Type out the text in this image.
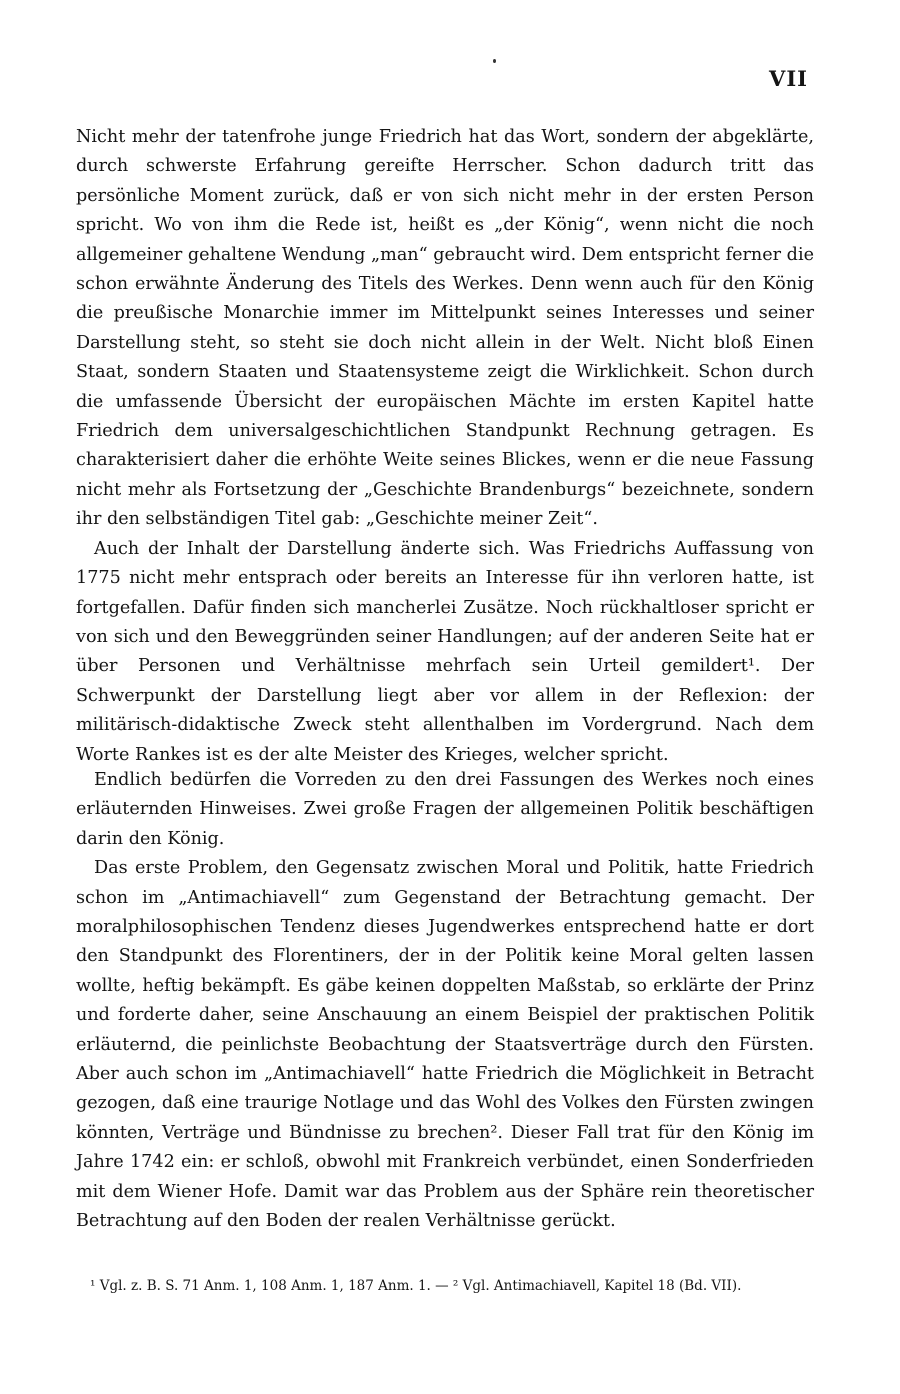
VII

Nicht mehr der tatenfrohe junge Friedrich hat das Wort, sondern der abgeklärte, durch schwerste Erfahrung gereifte Herrscher. Schon dadurch tritt das persönliche Moment zurück, daß er von sich nicht mehr in der ersten Person spricht. Wo von ihm die Rede ist, heißt es „der König“, wenn nicht die noch allgemeiner gehaltene Wendung „man“ gebraucht wird. Dem entspricht ferner die schon erwähnte Änderung des Titels des Werkes. Denn wenn auch für den König die preußische Monarchie immer im Mittelpunkt seines Interesses und seiner Darstellung steht, so steht sie doch nicht allein in der Welt. Nicht bloß Einen Staat, sondern Staaten und Staatensysteme zeigt die Wirklichkeit. Schon durch die umfassende Übersicht der europäischen Mächte im ersten Kapitel hatte Friedrich dem universalgeschichtlichen Standpunkt Rechnung getragen. Es charakterisiert daher die erhöhte Weite seines Blickes, wenn er die neue Fassung nicht mehr als Fortsetzung der „Geschichte Brandenburgs“ bezeichnete, sondern ihr den selbständigen Titel gab: „Geschichte meiner Zeit“.

Auch der Inhalt der Darstellung änderte sich. Was Friedrichs Auffassung von 1775 nicht mehr entsprach oder bereits an Interesse für ihn verloren hatte, ist fortgefallen. Dafür finden sich mancherlei Zusätze. Noch rückhaltloser spricht er von sich und den Beweggründen seiner Handlungen; auf der anderen Seite hat er über Personen und Verhältnisse mehrfach sein Urteil gemildert¹. Der Schwerpunkt der Darstellung liegt aber vor allem in der Reflexion: der militärisch-didaktische Zweck steht allenthalben im Vordergrund. Nach dem Worte Rankes ist es der alte Meister des Krieges, welcher spricht.

Endlich bedürfen die Vorreden zu den drei Fassungen des Werkes noch eines erläuternden Hinweises. Zwei große Fragen der allgemeinen Politik beschäftigen darin den König.

Das erste Problem, den Gegensatz zwischen Moral und Politik, hatte Friedrich schon im „Antimachiavell“ zum Gegenstand der Betrachtung gemacht. Der moralphilosophischen Tendenz dieses Jugendwerkes entsprechend hatte er dort den Standpunkt des Florentiners, der in der Politik keine Moral gelten lassen wollte, heftig bekämpft. Es gäbe keinen doppelten Maßstab, so erklärte der Prinz und forderte daher, seine Anschauung an einem Beispiel der praktischen Politik erläuternd, die peinlichste Beobachtung der Staatsverträge durch den Fürsten. Aber auch schon im „Antimachiavell“ hatte Friedrich die Möglichkeit in Betracht gezogen, daß eine traurige Notlage und das Wohl des Volkes den Fürsten zwingen könnten, Verträge und Bündnisse zu brechen². Dieser Fall trat für den König im Jahre 1742 ein: er schloß, obwohl mit Frankreich verbündet, einen Sonderfrieden mit dem Wiener Hofe. Damit war das Problem aus der Sphäre rein theoretischer Betrachtung auf den Boden der realen Verhältnisse gerückt.

¹ Vgl. z. B. S. 71 Anm. 1, 108 Anm. 1, 187 Anm. 1. — ² Vgl. Antimachiavell, Kapitel 18 (Bd. VII).
